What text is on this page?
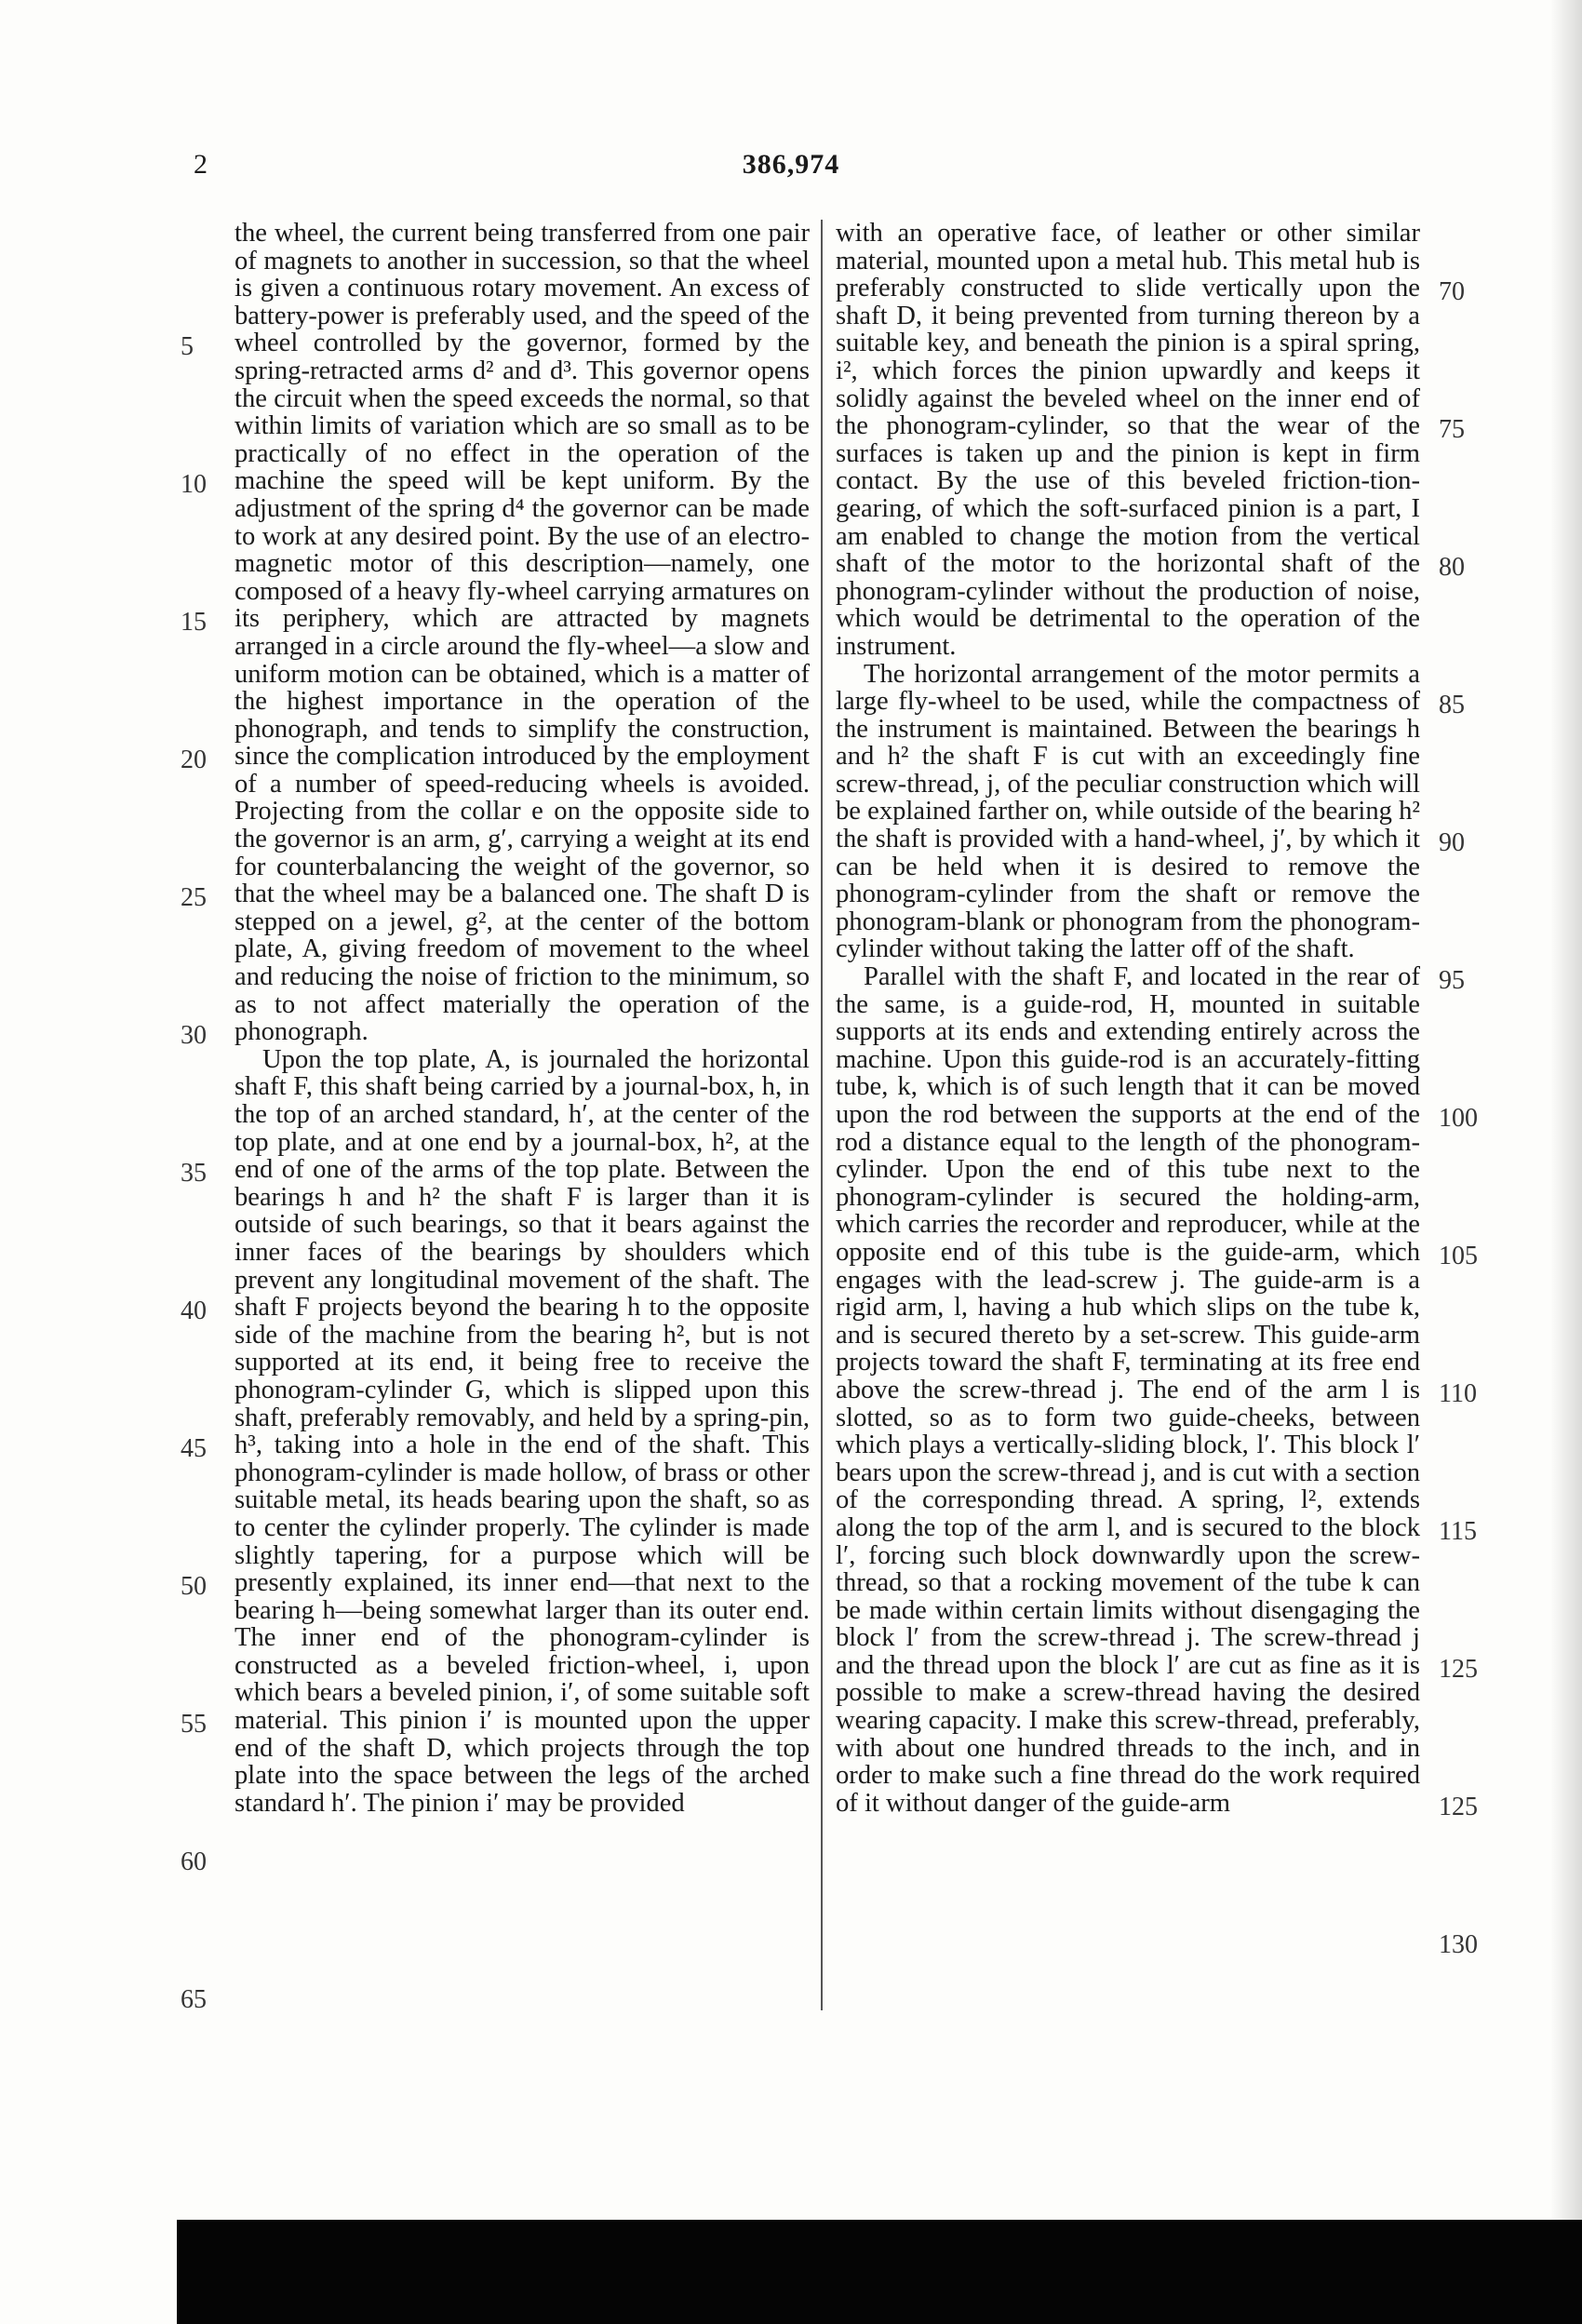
2	386,974

the wheel, the current being transferred from one pair of magnets to another in succession, so that the wheel is given a continuous rotary movement. An excess of battery-power is preferably used, and the speed of the wheel controlled by the governor, formed by the spring-retracted arms d² and d³. This governor opens the circuit when the speed exceeds the normal, so that within limits of variation which are so small as to be practically of no effect in the operation of the machine the speed will be kept uniform. By the adjustment of the spring d⁴ the governor can be made to work at any desired point. By the use of an electro-magnetic motor of this description—namely, one composed of a heavy fly-wheel carrying armatures on its periphery, which are attracted by magnets arranged in a circle around the fly-wheel—a slow and uniform motion can be obtained, which is a matter of the highest importance in the operation of the phonograph, and tends to simplify the construction, since the complication introduced by the employment of a number of speed-reducing wheels is avoided. Projecting from the collar e on the opposite side to the governor is an arm, g′, carrying a weight at its end for counterbalancing the weight of the governor, so that the wheel may be a balanced one. The shaft D is stepped on a jewel, g², at the center of the bottom plate, A, giving freedom of movement to the wheel and reducing the noise of friction to the minimum, so as to not affect materially the operation of the phonograph.

Upon the top plate, A, is journaled the horizontal shaft F, this shaft being carried by a journal-box, h, in the top of an arched standard, h′, at the center of the top plate, and at one end by a journal-box, h², at the end of one of the arms of the top plate. Between the bearings h and h² the shaft F is larger than it is outside of such bearings, so that it bears against the inner faces of the bearings by shoulders which prevent any longitudinal movement of the shaft. The shaft F projects beyond the bearing h to the opposite side of the machine from the bearing h², but is not supported at its end, it being free to receive the phonogram-cylinder G, which is slipped upon this shaft, preferably removably, and held by a spring-pin, h³, taking into a hole in the end of the shaft. This phonogram-cylinder is made hollow, of brass or other suitable metal, its heads bearing upon the shaft, so as to center the cylinder properly. The cylinder is made slightly tapering, for a purpose which will be presently explained, its inner end—that next to the bearing h—being somewhat larger than its outer end. The inner end of the phonogram-cylinder is constructed as a beveled friction-wheel, i, upon which bears a beveled pinion, i′, of some suitable soft material. This pinion i′ is mounted upon the upper end of the shaft D, which projects through the top plate into the space between the legs of the arched standard h′. The pinion i′ may be provided

with an operative face, of leather or other similar material, mounted upon a metal hub. This metal hub is preferably constructed to slide vertically upon the shaft D, it being prevented from turning thereon by a suitable key, and beneath the pinion is a spiral spring, i², which forces the pinion upwardly and keeps it solidly against the beveled wheel on the inner end of the phonogram-cylinder, so that the wear of the surfaces is taken up and the pinion is kept in firm contact. By the use of this beveled friction-tion-gearing, of which the soft-surfaced pinion is a part, I am enabled to change the motion from the vertical shaft of the motor to the horizontal shaft of the phonogram-cylinder without the production of noise, which would be detrimental to the operation of the instrument.

The horizontal arrangement of the motor permits a large fly-wheel to be used, while the compactness of the instrument is maintained. Between the bearings h and h² the shaft F is cut with an exceedingly fine screw-thread, j, of the peculiar construction which will be explained farther on, while outside of the bearing h² the shaft is provided with a hand-wheel, j′, by which it can be held when it is desired to remove the phonogram-cylinder from the shaft or remove the phonogram-blank or phonogram from the phonogram-cylinder without taking the latter off of the shaft.

Parallel with the shaft F, and located in the rear of the same, is a guide-rod, H, mounted in suitable supports at its ends and extending entirely across the machine. Upon this guide-rod is an accurately-fitting tube, k, which is of such length that it can be moved upon the rod between the supports at the end of the rod a distance equal to the length of the phonogram-cylinder. Upon the end of this tube next to the phonogram-cylinder is secured the holding-arm, which carries the recorder and reproducer, while at the opposite end of this tube is the guide-arm, which engages with the lead-screw j. The guide-arm is a rigid arm, l, having a hub which slips on the tube k, and is secured thereto by a set-screw. This guide-arm projects toward the shaft F, terminating at its free end above the screw-thread j. The end of the arm l is slotted, so as to form two guide-cheeks, between which plays a vertically-sliding block, l′. This block l′ bears upon the screw-thread j, and is cut with a section of the corresponding thread. A spring, l², extends along the top of the arm l, and is secured to the block l′, forcing such block downwardly upon the screw-thread, so that a rocking movement of the tube k can be made within certain limits without disengaging the block l′ from the screw-thread j. The screw-thread j and the thread upon the block l′ are cut as fine as it is possible to make a screw-thread having the desired wearing capacity. I make this screw-thread, preferably, with about one hundred threads to the inch, and in order to make such a fine thread do the work required of it without danger of the guide-arm

5
10
15
20
25
30
35
40
45
50
55
60
65
70
75
80
85
90
95
100
105
110
115
125
125
130
